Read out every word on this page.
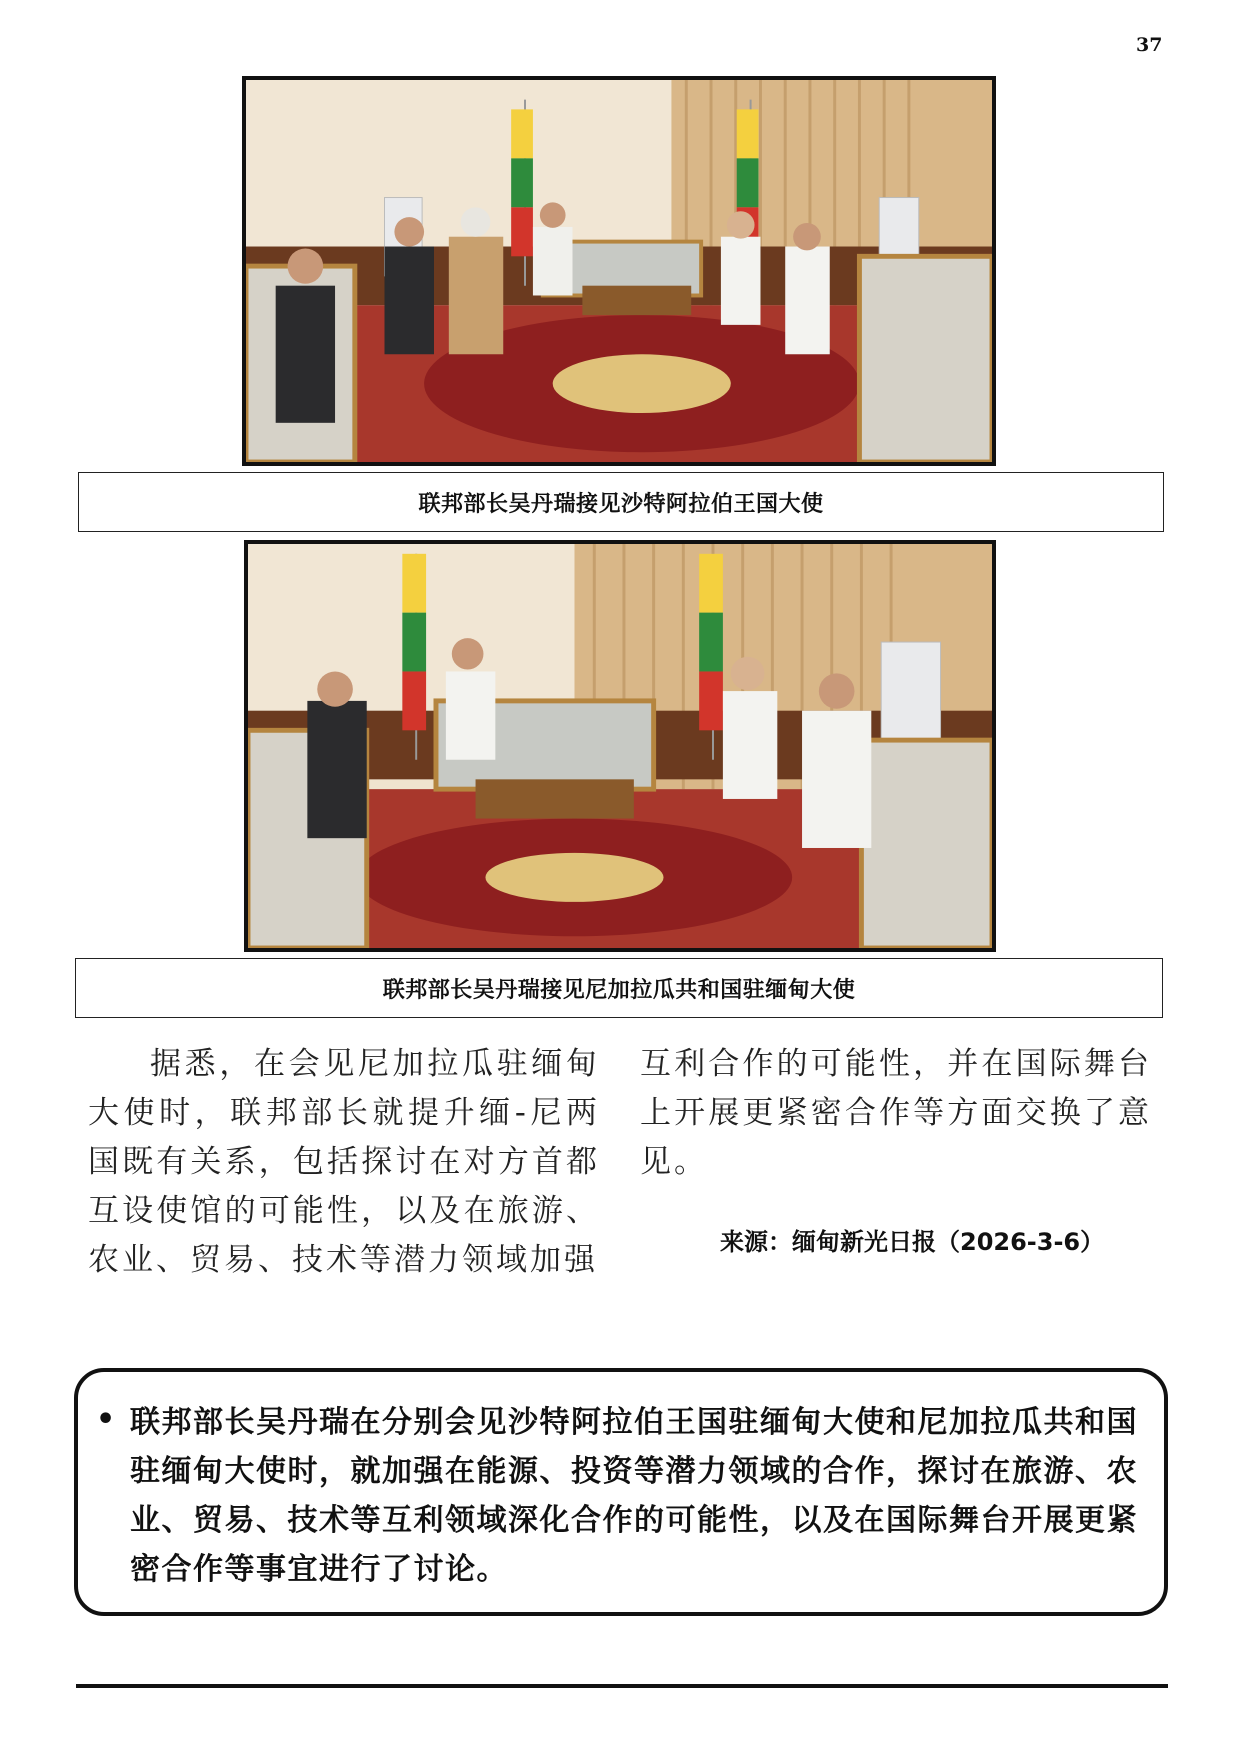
37
联邦部长吴丹瑞接见沙特阿拉伯王国大使
联邦部长吴丹瑞接见尼加拉瓜共和国驻缅甸大使

据悉，在会见尼加拉瓜驻缅甸大使时，联邦部长就提升缅-尼两国既有关系，包括探讨在对方首都互设使馆的可能性，以及在旅游、农业、贸易、技术等潜力领域加强

互利合作的可能性，并在国际舞台上开展更紧密合作等方面交换了意见。

来源：缅甸新光日报（2026-3-6）
• 联邦部长吴丹瑞在分别会见沙特阿拉伯王国驻缅甸大使和尼加拉瓜共和国驻缅甸大使时，就加强在能源、投资等潜力领域的合作，探讨在旅游、农业、贸易、技术等互利领域深化合作的可能性，以及在国际舞台开展更紧密合作等事宜进行了讨论。
